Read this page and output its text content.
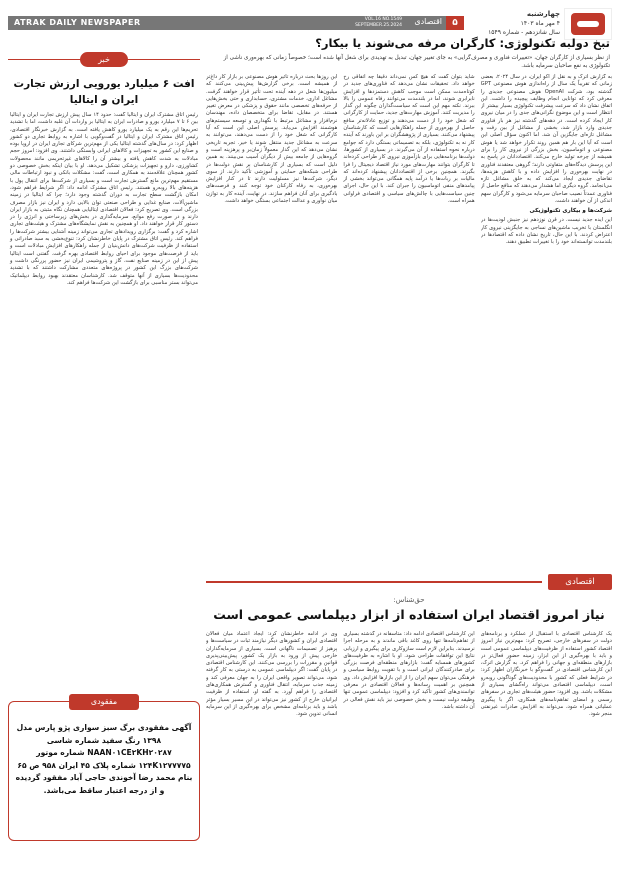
ATRAK DAILY NEWSPAPER	VOL.16 NO.1549
SEPTEMBER.25.2024 اقتصادی	۵
چهارشنبه
۴ مهر ماه ۱۴۰۳
سال شانزدهم - شماره ۱۵۴۹
خبر
افت ۶ میلیارد یورویی ارزش تجارت ایران و ایتالیا
رئیس اتاق مشترک ایران و ایتالیا گفت: حدود ۱۴ سال پیش ارزش تجارت ایران و ایتالیا بین ۶ تا ۷ میلیارد یورو و صادرات ایران به ایتالیا بر واردات آن غلبه داشت، اما با تشدید تحریم‌ها این رقم به یک میلیارد یورو کاهش یافته است. به گزارش خبرنگار اقتصادی، رئیس اتاق مشترک ایران و ایتالیا در گفت‌وگویی با اشاره به روابط تجاری دو کشور اظهار کرد: در سال‌های گذشته ایتالیا یکی از مهم‌ترین شرکای تجاری ایران در اروپا بوده و صنایع این کشور به تجهیزات و کالاهای ایرانی وابستگی داشتند. وی افزود: امروز حجم مبادلات به شدت کاهش یافته و بیشتر آن را کالاهای غیرتحریمی مانند محصولات کشاورزی، دارو و تجهیزات پزشکی تشکیل می‌دهد. او با بیان اینکه بخش خصوصی دو کشور همچنان علاقه‌مند به همکاری است، گفت: مشکلات بانکی و نبود ارتباطات مالی مستقیم مهم‌ترین مانع گسترش تجارت است و بسیاری از شرکت‌ها برای انتقال پول با هزینه‌های بالا روبه‌رو هستند. رئیس اتاق مشترک ادامه داد: اگر شرایط فراهم شود، امکان بازگشت سطح تجارت به دوران گذشته وجود دارد؛ چرا که ایتالیا در زمینه ماشین‌آلات، صنایع غذایی و طراحی صنعتی توان بالایی دارد و ایران نیز بازار مصرف بزرگی است. وی تصریح کرد: فعالان اقتصادی ایتالیایی همچنان نگاه مثبتی به بازار ایران دارند و در صورت رفع موانع، سرمایه‌گذاری در بخش‌های زیرساختی و انرژی را در دستور کار قرار خواهند داد. او همچنین به نقش نمایشگاه‌های مشترک و هیئت‌های تجاری اشاره کرد و گفت: برگزاری رویدادهای تجاری می‌تواند زمینه آشنایی بیشتر شرکت‌ها را فراهم کند. رئیس اتاق مشترک در پایان خاطرنشان کرد: تنوع‌بخشی به سبد صادراتی و استفاده از ظرفیت شرکت‌های دانش‌بنیان از جمله راهکارهای افزایش مبادلات است و باید از فرصت‌های موجود برای احیای روابط اقتصادی بهره گرفت. گفتنی است ایتالیا پیش از این در زمینه صنایع نفت، گاز و پتروشیمی ایران نیز حضور پررنگی داشت و شرکت‌های بزرگ این کشور در پروژه‌های متعددی مشارکت داشتند که با تشدید محدودیت‌ها بسیاری از آنها متوقف شد. کارشناسان معتقدند بهبود روابط دیپلماتیک می‌تواند بستر مناسبی برای بازگشت این شرکت‌ها فراهم کند.
مفقودی
آگهی مفقودی برگ سبز سواری پژو پارس مدل ۱۳۹۸ رنگ سفید شماره شاسی NAAN۰۱CE۲KH۲۰۲۸۷ شماره موتور ۱۲۴K۱۲۷۷۷۷۵ شماره پلاک ۴۵ ایران ۹۵۸ ص ۶۵ بنام محمد رضا آخوندی حاجی آباد مفقود گردیده و از درجه اعتبار ساقط می‌باشد.
تبخ دولبه تکنولوژی: کارگران مرفه می‌شوند یا بیکار؟
از نظر بسیاری از کارگران جهان، «تغییرات فناوری و مصرف‌گرایی» به جای تغییر جهان، تبدیل به تهدیدی برای شغل آنها شده است؛ خصوصاً زمانی که بهره‌وری ناشی از تکنولوژی به نفع صاحبان سرمایه باشد.
به گزارش اترک و به نقل از اکو ایران، در سال ۲۰۲۴، بعضی زمانی که تقریباً یک سال از راه‌اندازی هوش مصنوعی GPT گذشته بود، شرکت OpenAI هوش مصنوعی جدیدی را معرفی کرد که توانایی انجام وظایف پیچیده را داشت. این اتفاق نشان داد که سرعت پیشرفت تکنولوژی بسیار بیشتر از انتظار است و این موضوع نگرانی‌های جدی را در میان نیروی کار ایجاد کرده است. در دهه‌های گذشته نیز هر بار فناوری جدیدی وارد بازار شد، بخشی از مشاغل از بین رفت و مشاغل تازه‌ای جایگزین آن شد. اما اکنون سؤال اصلی این است که آیا این بار هم همین روند تکرار خواهد شد یا هوش مصنوعی و اتوماسیون، بخش بزرگی از نیروی کار را برای همیشه از چرخه تولید خارج می‌کند. اقتصاددانان در پاسخ به این پرسش دیدگاه‌های متفاوتی دارند؛ گروهی معتقدند فناوری در نهایت بهره‌وری را افزایش داده و با کاهش هزینه‌ها، تقاضای جدیدی ایجاد می‌کند که به خلق مشاغل تازه می‌انجامد. گروه دیگری اما هشدار می‌دهند که منافع حاصل از فناوری عمدتاً نصیب صاحبان سرمایه می‌شود و کارگران سهم اندکی از آن خواهند داشت.
شرکت‌ها و بیکاری تکنولوژیکی
این ایده جدید نیست. در قرن نوزدهم نیز جنبش لودیت‌ها در انگلستان با تخریب ماشین‌های نساجی به جایگزینی نیروی کار اعتراض کردند. با این حال، تاریخ نشان داده که اقتصادها در بلندمدت توانسته‌اند خود را با تغییرات تطبیق دهند.
شاید بتوان گفت که هیچ کس نمی‌داند دقیقاً چه اتفاقی رخ خواهد داد. تحقیقات نشان می‌دهد که فناوری‌های جدید در کوتاه‌مدت ممکن است موجب کاهش دستمزدها و افزایش نابرابری شوند، اما در بلندمدت می‌توانند رفاه عمومی را بالا ببرند. نکته مهم این است که سیاست‌گذاران چگونه این گذار را مدیریت کنند. آموزش مهارت‌های جدید، حمایت از کارگرانی که شغل خود را از دست می‌دهند و توزیع عادلانه‌تر منافع حاصل از بهره‌وری از جمله راهکارهایی است که کارشناسان پیشنهاد می‌کنند. بسیاری از پژوهشگران بر این باورند که آینده کار نه به تکنولوژی، بلکه به تصمیماتی بستگی دارد که جوامع درباره نحوه استفاده از آن می‌گیرند. در بسیاری از کشورها، دولت‌ها برنامه‌هایی برای بازآموزی نیروی کار طراحی کرده‌اند تا کارگران بتوانند مهارت‌های مورد نیاز اقتصاد دیجیتال را فرا بگیرند. همچنین برخی از اقتصاددانان پیشنهاد کرده‌اند که مالیات بر ربات‌ها یا درآمد پایه همگانی می‌تواند بخشی از پیامدهای منفی اتوماسیون را جبران کند. با این حال، اجرای چنین سیاست‌هایی با چالش‌های سیاسی و اقتصادی فراوانی همراه است.
این روزها بحث درباره تأثیر هوش مصنوعی بر بازار کار داغ‌تر از همیشه است. برخی گزارش‌ها پیش‌بینی می‌کنند که میلیون‌ها شغل در دهه آینده تحت تأثیر قرار خواهند گرفت. مشاغل اداری، خدمات مشتری، حسابداری و حتی بخش‌هایی از حرفه‌های تخصصی مانند حقوق و پزشکی در معرض تغییر هستند. در مقابل، تقاضا برای متخصصان داده، مهندسان نرم‌افزار و مشاغل مرتبط با نگهداری و توسعه سیستم‌های هوشمند افزایش می‌یابد. پرسش اصلی این است که آیا کارگرانی که شغل خود را از دست می‌دهند، می‌توانند به سرعت به مشاغل جدید منتقل شوند یا خیر. تجربه تاریخی نشان می‌دهد که این گذار معمولاً زمان‌بر و پرهزینه است و گروه‌هایی از جامعه بیش از دیگران آسیب می‌بینند. به همین دلیل است که بسیاری از کارشناسان بر نقش دولت‌ها در طراحی شبکه‌های حمایتی و آموزشی تأکید دارند. از سوی دیگر، شرکت‌ها نیز مسئولیت دارند تا در کنار افزایش بهره‌وری، به رفاه کارکنان خود توجه کنند و فرصت‌های یادگیری برای آنان فراهم سازند. در نهایت، آینده کار به توازن میان نوآوری و عدالت اجتماعی بستگی خواهد داشت.
اقتصادی
حق‌شناس:
نیاز امروز اقتصاد ایران استفاده از ابزار دیپلماسی عمومی است
یک کارشناس اقتصادی با استقبال از عملکرد و برنامه‌های دولت در سفرهای خارجی، تصریح کرد: مهم‌ترین نیاز امروز اقتصاد کشور استفاده از ظرفیت‌های دیپلماسی عمومی است و باید با بهره‌گیری از این ابزار، زمینه حضور فعال‌تر در بازارهای منطقه‌ای و جهانی را فراهم کرد. به گزارش اترک، این کارشناس اقتصادی در گفت‌وگو با خبرنگاران اظهار کرد: در شرایط فعلی که کشور با محدودیت‌های گوناگونی روبه‌رو است، دیپلماسی اقتصادی می‌تواند راه‌گشای بسیاری از مشکلات باشد. وی افزود: حضور هیئت‌های تجاری در سفرهای رسمی و امضای تفاهم‌نامه‌های همکاری، اگر با پیگیری عملیاتی همراه شود، می‌تواند به افزایش صادرات غیرنفتی منجر شود.
این کارشناس اقتصادی ادامه داد: متأسفانه در گذشته بسیاری از تفاهم‌نامه‌ها تنها روی کاغذ باقی ماندند و به مرحله اجرا نرسیدند. بنابراین لازم است سازوکاری برای پیگیری و ارزیابی نتایج این توافقات طراحی شود. او با اشاره به ظرفیت‌های کشورهای همسایه گفت: بازارهای منطقه‌ای فرصت بزرگی برای صادرکنندگان ایرانی است و با تقویت روابط سیاسی و فرهنگی می‌توان سهم ایران را از این بازارها افزایش داد. وی همچنین بر اهمیت رسانه‌ها و فعالان اقتصادی در معرفی توانمندی‌های کشور تأکید کرد و افزود: دیپلماسی عمومی تنها وظیفه دولت نیست و بخش خصوصی نیز باید نقش فعالی در آن داشته باشد.
وی در ادامه خاطرنشان کرد: ایجاد اعتماد میان فعالان اقتصادی ایران و کشورهای دیگر نیازمند ثبات در سیاست‌ها و پرهیز از تصمیمات ناگهانی است. بسیاری از سرمایه‌گذاران خارجی پیش از ورود به بازار یک کشور، پیش‌بینی‌پذیری قوانین و مقررات را بررسی می‌کنند. این کارشناس اقتصادی در پایان گفت: اگر دیپلماسی عمومی به درستی به کار گرفته شود، می‌تواند تصویر واقعی ایران را به جهان معرفی کند و زمینه جذب سرمایه، انتقال فناوری و گسترش همکاری‌های اقتصادی را فراهم آورد. به گفته او، استفاده از ظرفیت ایرانیان خارج از کشور نیز می‌تواند در این مسیر بسیار مؤثر باشد و باید برنامه‌ای مشخص برای بهره‌گیری از این سرمایه انسانی تدوین شود.
